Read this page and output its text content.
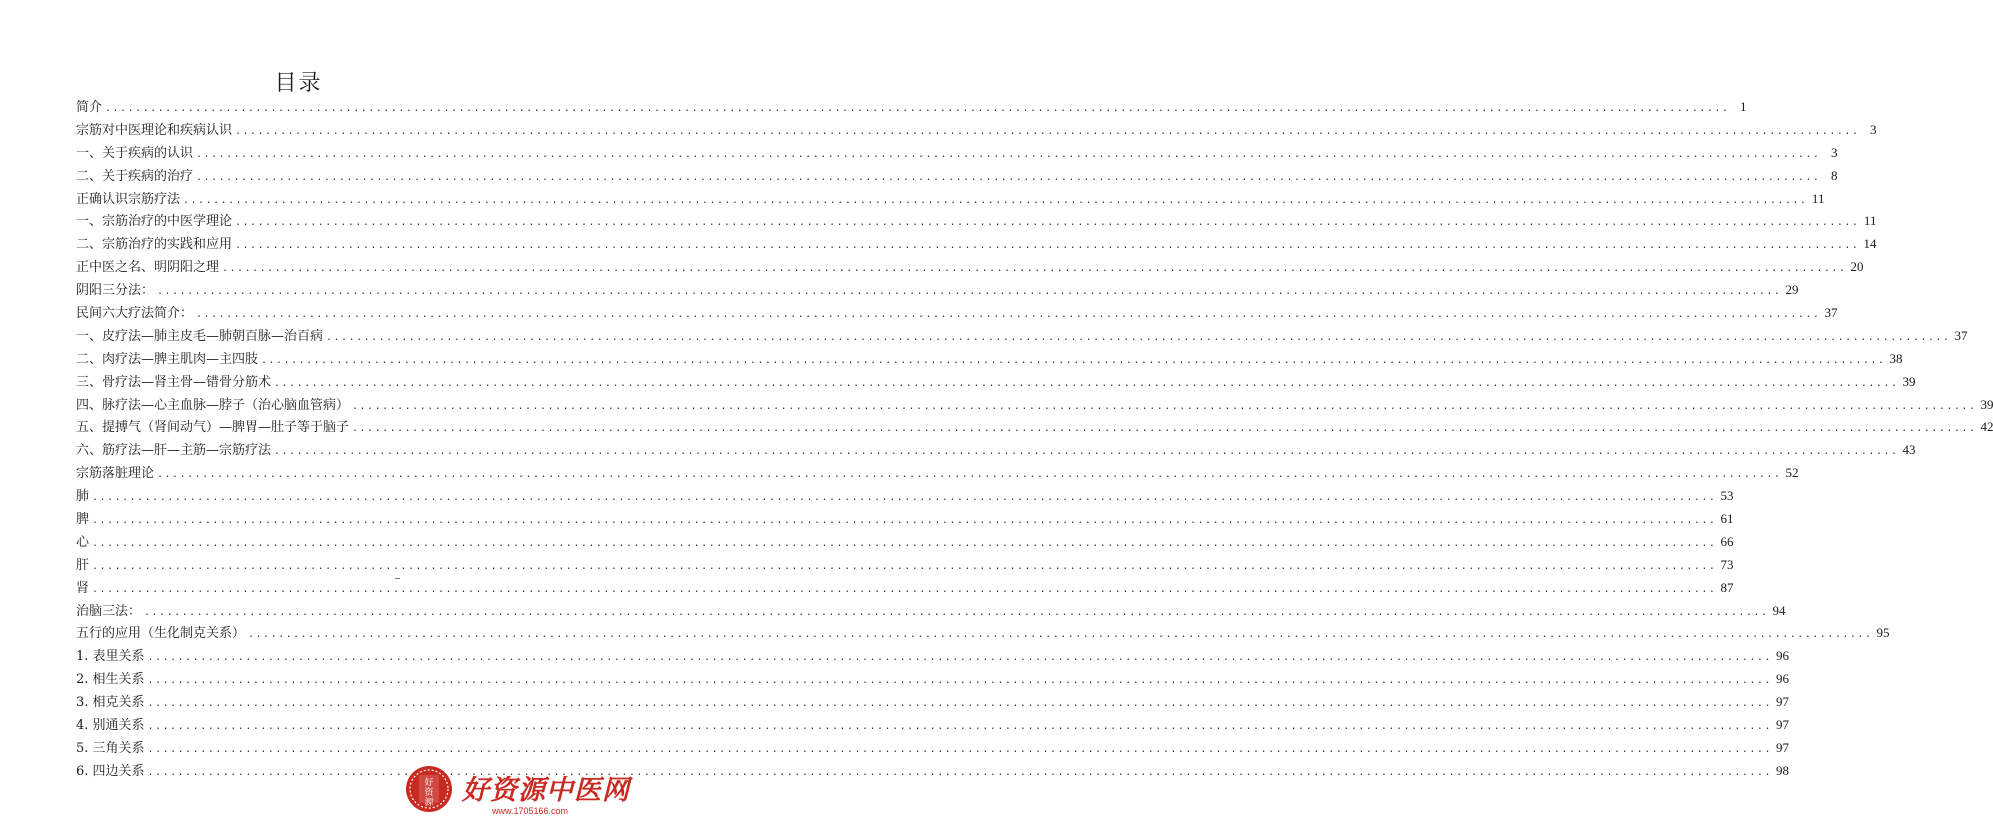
目录
简介 .....	1
宗筋对中医理论和疾病认识 .....	3
一、关于疾病的认识 .....	3
二、关于疾病的治疗 .....	8
正确认识宗筋疗法 .....	11
一、宗筋治疗的中医学理论 .....	11
二、宗筋治疗的实践和应用 .....	14
正中医之名、明阴阳之理 .....	20
阴阳三分法： .....	29
民间六大疗法简介： .....	37
一、皮疗法—肺主皮毛—肺朝百脉—治百病 .....	37
二、肉疗法—脾主肌肉—主四肢 .....	38
三、骨疗法—肾主骨—错骨分筋术 .....	39
四、脉疗法—心主血脉—脖子（治心脑血管病） .....	39
五、提搏气（肾间动气）—脾胃—肚子等于脑子 .....	42
六、筋疗法—肝—主筋—宗筋疗法 .....	43
宗筋落脏理论 .....	52
肺 .....	53
脾 .....	61
心 .....	66
肝 .....	73
肾 .....	87
治脑三法： .....	94
五行的应用（生化制克关系） .....	95
1. 表里关系 .....	96
2. 相生关系 .....	96
3. 相克关系 .....	97
4. 别通关系 .....	97
5. 三角关系 .....	97
6. 四边关系 .....	98
好
资
源 好资源中医网
www.1705166.com
